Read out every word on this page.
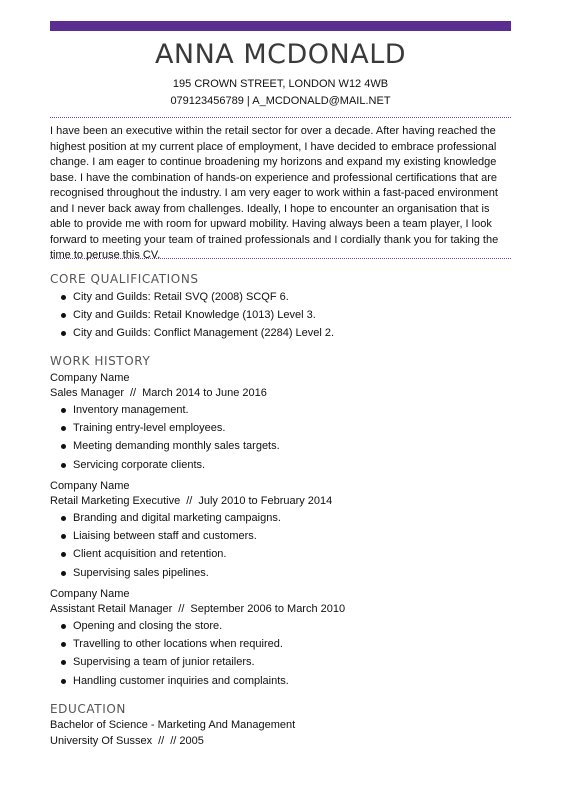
ANNA MCDONALD
195 CROWN STREET, LONDON W12 4WB
079123456789 | A_MCDONALD@MAIL.NET
I have been an executive within the retail sector for over a decade. After having reached the highest position at my current place of employment, I have decided to embrace professional change. I am eager to continue broadening my horizons and expand my existing knowledge base. I have the combination of hands-on experience and professional certifications that are recognised throughout the industry. I am very eager to work within a fast-paced environment and I never back away from challenges. Ideally, I hope to encounter an organisation that is able to provide me with room for upward mobility. Having always been a team player, I look forward to meeting your team of trained professionals and I cordially thank you for taking the time to peruse this CV.
CORE QUALIFICATIONS
City and Guilds: Retail SVQ (2008) SCQF 6.
City and Guilds: Retail Knowledge (1013) Level 3.
City and Guilds: Conflict Management (2284) Level 2.
WORK HISTORY
Company Name
Sales Manager // March 2014 to June 2016
Inventory management.
Training entry-level employees.
Meeting demanding monthly sales targets.
Servicing corporate clients.
Company Name
Retail Marketing Executive // July 2010 to February 2014
Branding and digital marketing campaigns.
Liaising between staff and customers.
Client acquisition and retention.
Supervising sales pipelines.
Company Name
Assistant Retail Manager // September 2006 to March 2010
Opening and closing the store.
Travelling to other locations when required.
Supervising a team of junior retailers.
Handling customer inquiries and complaints.
EDUCATION
Bachelor of Science - Marketing And Management
University Of Sussex // // 2005
